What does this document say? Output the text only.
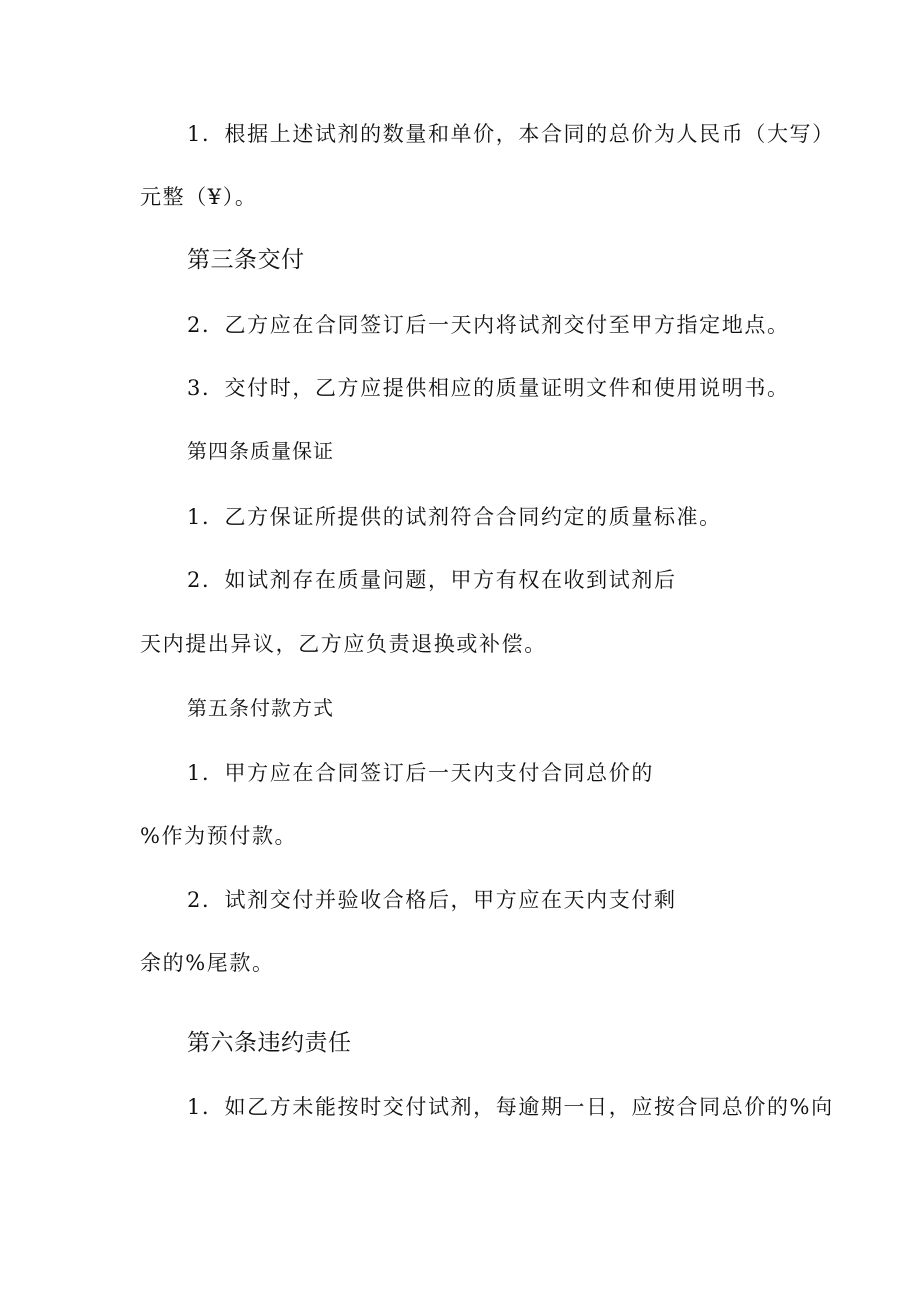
1．根据上述试剂的数量和单价，本合同的总价为人民币（大写）
元整（¥）。
第三条交付
2．乙方应在合同签订后一天内将试剂交付至甲方指定地点。
3．交付时，乙方应提供相应的质量证明文件和使用说明书。
第四条质量保证
1．乙方保证所提供的试剂符合合同约定的质量标准。
2．如试剂存在质量问题，甲方有权在收到试剂后
天内提出异议，乙方应负责退换或补偿。
第五条付款方式
1．甲方应在合同签订后一天内支付合同总价的
%作为预付款。
2．试剂交付并验收合格后，甲方应在天内支付剩
余的%尾款。
第六条违约责任
1．如乙方未能按时交付试剂，每逾期一日，应按合同总价的%向
